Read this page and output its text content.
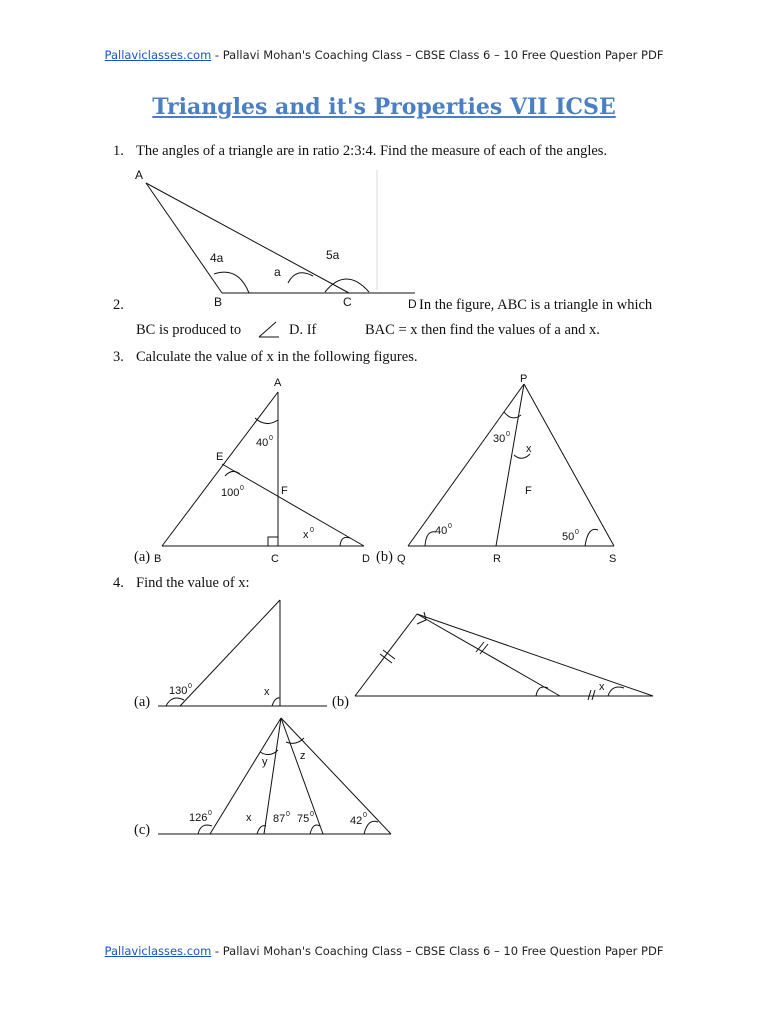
Pallaviclasses.com - Pallavi Mohan's Coaching Class – CBSE Class 6 – 10 Free Question Paper PDF
Triangles and it's Properties VII ICSE
1. The angles of a triangle are in ratio 2:3:4. Find the measure of each of the angles.
2.	In the figure, ABC is a triangle in which
BC is produced to	D. If	BAC = x then find the values of a and x.
3. Calculate the value of x in the following figures.
4. Find the value of x:
(a)	(b)
(a)	(b)
(c)
A
B	C	D
4a
a
5a
A
B	C	D
E
F
40 0
100 0
x 0
P
Q	R	S
F
30 0
x
40 0
50 0
130 0	x	x
126 0	x 87 0 75 0
42 0
y	z
Pallaviclasses.com - Pallavi Mohan's Coaching Class – CBSE Class 6 – 10 Free Question Paper PDF
